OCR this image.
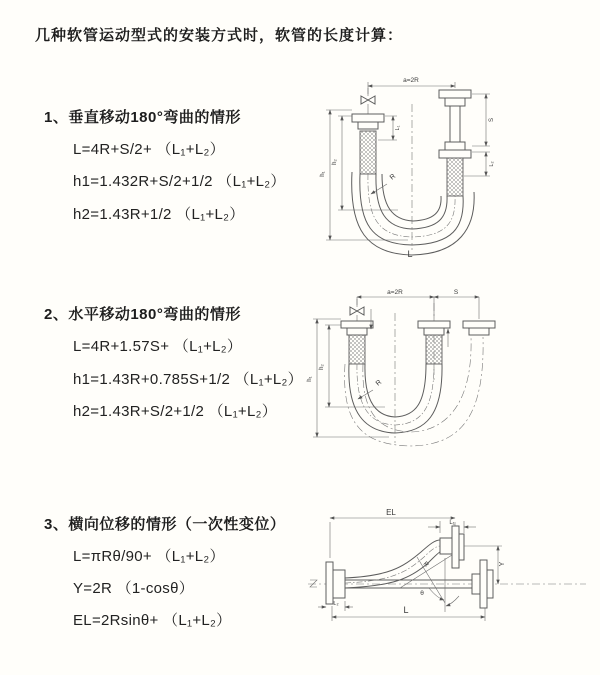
几种软管运动型式的安装方式时，软管的长度计算：
1、垂直移动180°弯曲的情形
L=4R+S/2+ （L₁+L₂）
h1=1.432R+S/2+1/2 （L₁+L₂）
h2=1.43R+1/2 （L₁+L₂）
a=2R
L₁
S
L₂
h₁
h₂
R
L
2、水平移动180°弯曲的情形
L=4R+1.57S+ （L₁+L₂）
h1=1.43R+0.785S+1/2 （L₁+L₂）
h2=1.43R+S/2+1/2 （L₁+L₂）
a=2R	S
h₁
h₂
R
3、横向位移的情形（一次性变位）
L=πRθ/90+ （L₁+L₂）
Y=2R （1-cosθ）
EL=2Rsinθ+ （L₁+L₂）
R
θ
EL
L₁
Y
L
L₂
